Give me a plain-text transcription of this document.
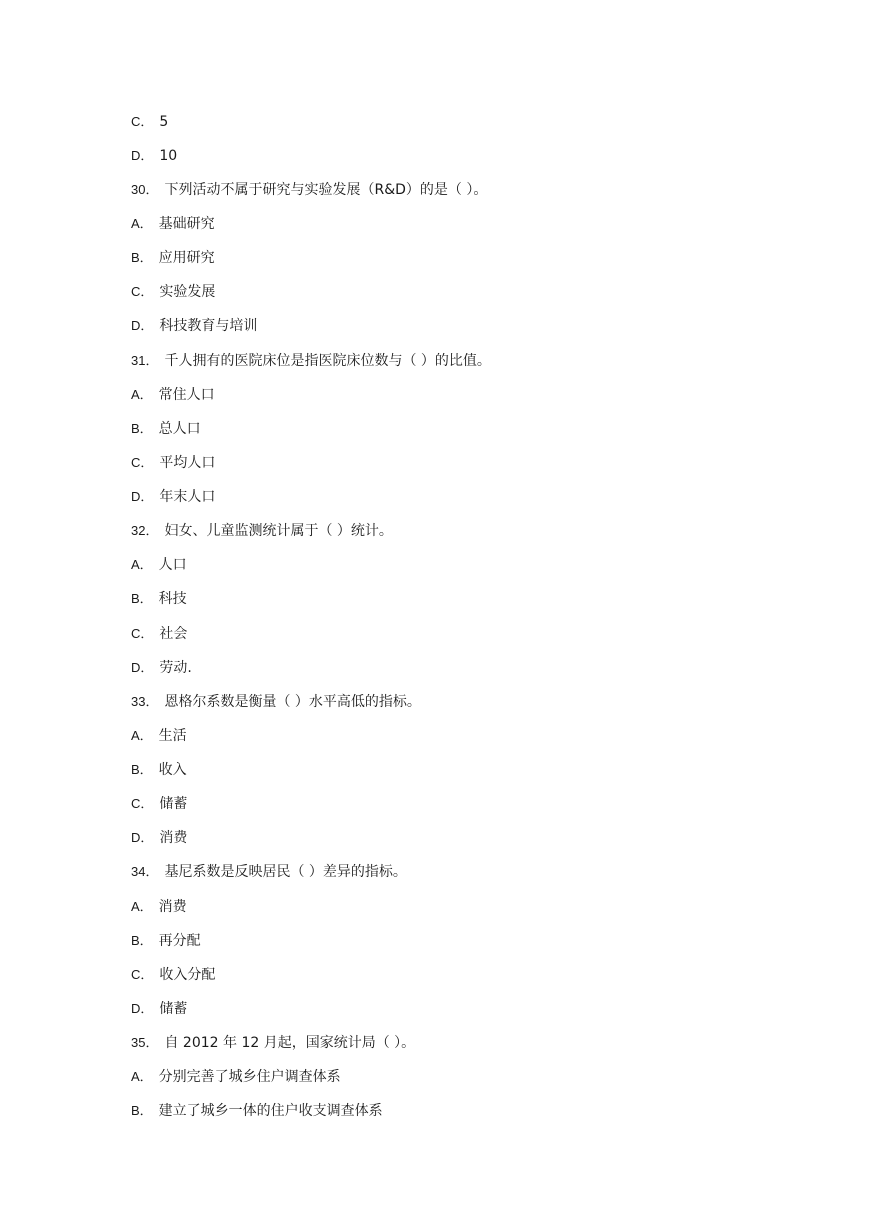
C． 5
D． 10
30． 下列活动不属于研究与实验发展（R&D）的是（ ）。
A． 基础研究
B． 应用研究
C． 实验发展
D． 科技教育与培训
31． 千人拥有的医院床位是指医院床位数与（ ）的比值。
A． 常住人口
B． 总人口
C． 平均人口
D． 年末人口
32． 妇女、儿童监测统计属于（ ）统计。
A． 人口
B． 科技
C． 社会
D． 劳动.
33． 恩格尔系数是衡量（ ）水平高低的指标。
A． 生活
B． 收入
C． 储蓄
D． 消费
34． 基尼系数是反映居民（ ）差异的指标。
A． 消费
B． 再分配
C． 收入分配
D． 储蓄
35． 自 2012 年 12 月起，国家统计局（ ）。
A． 分别完善了城乡住户调查体系
B． 建立了城乡一体的住户收支调查体系
